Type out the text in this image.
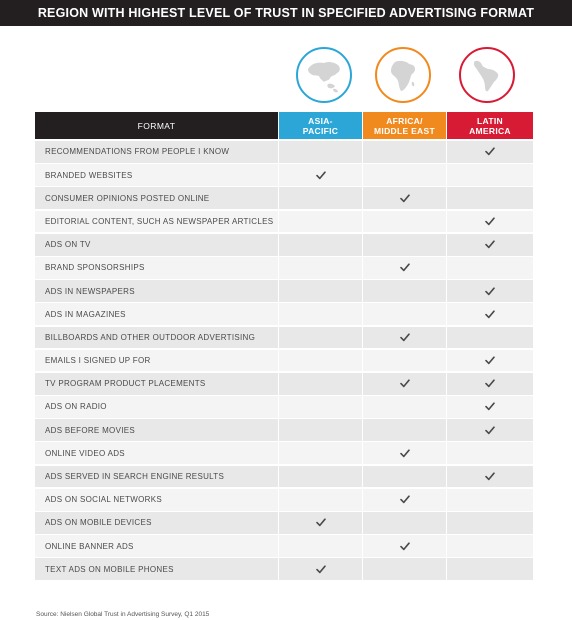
REGION WITH HIGHEST LEVEL OF TRUST IN SPECIFIED ADVERTISING FORMAT
FORMAT	ASIA-
PACIFIC
AFRICA/
MIDDLE EAST
LATIN
AMERICA
RECOMMENDATIONS FROM PEOPLE I KNOW
BRANDED WEBSITES
CONSUMER OPINIONS POSTED ONLINE
EDITORIAL CONTENT, SUCH AS NEWSPAPER ARTICLES
ADS ON TV
BRAND SPONSORSHIPS
ADS IN NEWSPAPERS
ADS IN MAGAZINES
BILLBOARDS AND OTHER OUTDOOR ADVERTISING
EMAILS I SIGNED UP FOR
TV PROGRAM PRODUCT PLACEMENTS
ADS ON RADIO
ADS BEFORE MOVIES
ONLINE VIDEO ADS
ADS SERVED IN SEARCH ENGINE RESULTS
ADS ON SOCIAL NETWORKS
ADS ON MOBILE DEVICES
ONLINE BANNER ADS
TEXT ADS ON MOBILE PHONES
Source: Nielsen Global Trust in Advertising Survey, Q1 2015
